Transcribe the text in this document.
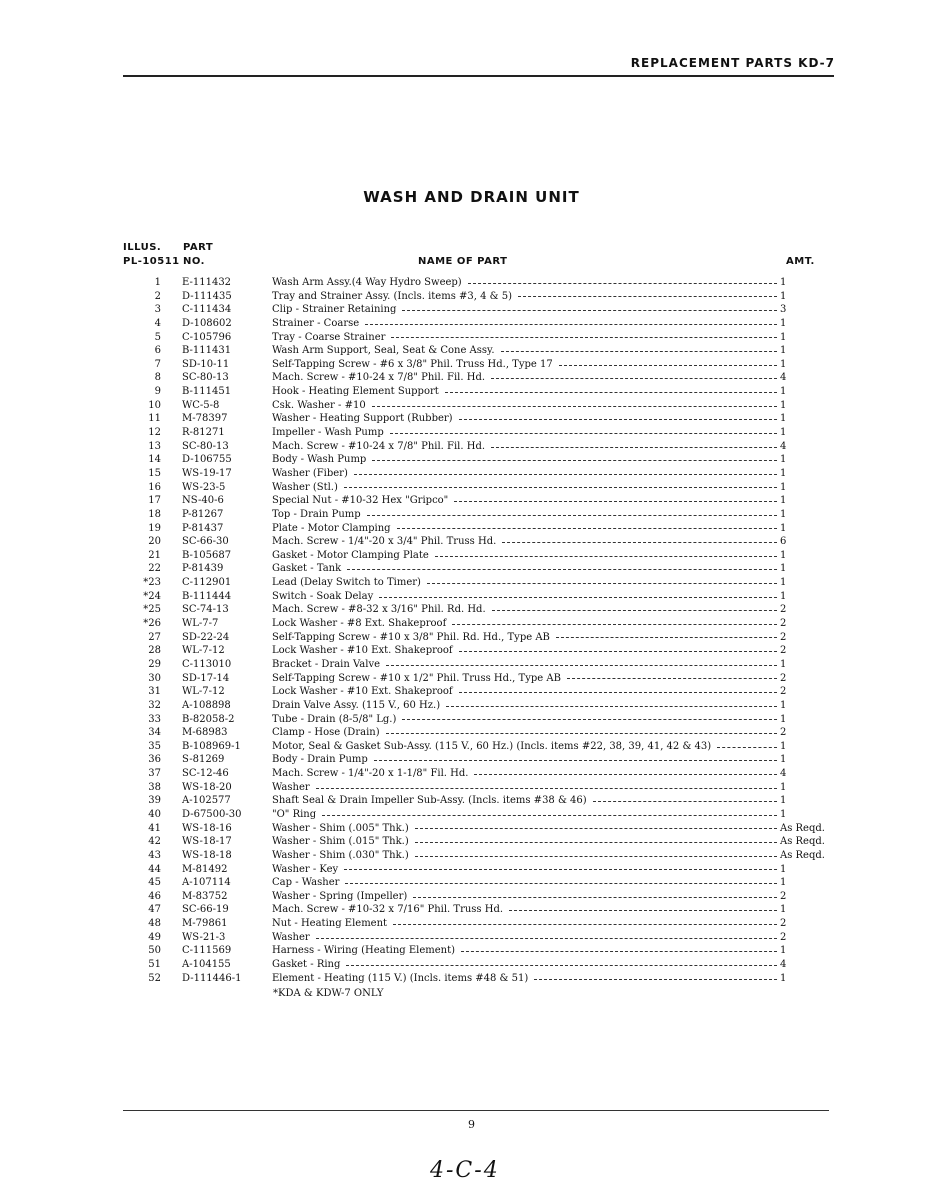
REPLACEMENT PARTS KD-7
WASH AND DRAIN UNIT
ILLUS.
PL-10511
PART
NO.	NAME OF PART	AMT.
1 E-111432	Wash Arm Assy.(4 Way Hydro Sweep)	1
2 D-111435	Tray and Strainer Assy. (Incls. items #3, 4 & 5)	1
3 C-111434	Clip - Strainer Retaining	3
4 D-108602	Strainer - Coarse	1
5 C-105796	Tray - Coarse Strainer	1
6 B-111431	Wash Arm Support, Seal, Seat & Cone Assy.	1
7 SD-10-11	Self-Tapping Screw - #6 x 3/8" Phil. Truss Hd., Type 17	1
8 SC-80-13	Mach. Screw - #10-24 x 7/8" Phil. Fil. Hd.	4
9 B-111451	Hook - Heating Element Support	1
10 WC-5-8	Csk. Washer - #10	1
11 M-78397	Washer - Heating Support (Rubber)	1
12 R-81271	Impeller - Wash Pump	1
13 SC-80-13	Mach. Screw - #10-24 x 7/8" Phil. Fil. Hd.	4
14 D-106755	Body - Wash Pump	1
15 WS-19-17	Washer (Fiber)	1
16 WS-23-5	Washer (Stl.)	1
17 NS-40-6	Special Nut - #10-32 Hex "Gripco"	1
18 P-81267	Top - Drain Pump	1
19 P-81437	Plate - Motor Clamping	1
20 SC-66-30	Mach. Screw - 1/4"-20 x 3/4" Phil. Truss Hd.	6
21 B-105687	Gasket - Motor Clamping Plate	1
22 P-81439	Gasket - Tank	1
*23 C-112901	Lead (Delay Switch to Timer)	1
*24 B-111444	Switch - Soak Delay	1
*25 SC-74-13	Mach. Screw - #8-32 x 3/16" Phil. Rd. Hd.	2
*26 WL-7-7	Lock Washer - #8 Ext. Shakeproof	2
27 SD-22-24	Self-Tapping Screw - #10 x 3/8" Phil. Rd. Hd., Type AB	2
28 WL-7-12	Lock Washer - #10 Ext. Shakeproof	2
29 C-113010	Bracket - Drain Valve	1
30 SD-17-14	Self-Tapping Screw - #10 x 1/2" Phil. Truss Hd., Type AB	2
31 WL-7-12	Lock Washer - #10 Ext. Shakeproof	2
32 A-108898	Drain Valve Assy. (115 V., 60 Hz.)	1
33 B-82058-2	Tube - Drain (8-5/8" Lg.)	1
34 M-68983	Clamp - Hose (Drain)	2
35 B-108969-1	Motor, Seal & Gasket Sub-Assy. (115 V., 60 Hz.) (Incls. items #22, 38, 39, 41, 42 & 43)	1
36 S-81269	Body - Drain Pump	1
37 SC-12-46	Mach. Screw - 1/4"-20 x 1-1/8" Fil. Hd.	4
38 WS-18-20	Washer	1
39 A-102577	Shaft Seal & Drain Impeller Sub-Assy. (Incls. items #38 & 46)	1
40 D-67500-30	"O" Ring	1
41 WS-18-16	Washer - Shim (.005" Thk.)	As Reqd.
42 WS-18-17	Washer - Shim (.015" Thk.)	As Reqd.
43 WS-18-18	Washer - Shim (.030" Thk.)	As Reqd.
44 M-81492	Washer - Key	1
45 A-107114	Cap - Washer	1
46 M-83752	Washer - Spring (Impeller)	2
47 SC-66-19	Mach. Screw - #10-32 x 7/16" Phil. Truss Hd.	1
48 M-79861	Nut - Heating Element	2
49 WS-21-3	Washer	2
50 C-111569	Harness - Wiring (Heating Element)	1
51 A-104155	Gasket - Ring	4
52 D-111446-1	Element - Heating (115 V.) (Incls. items #48 & 51)	1
*KDA & KDW-7 ONLY
9
4-C-4
